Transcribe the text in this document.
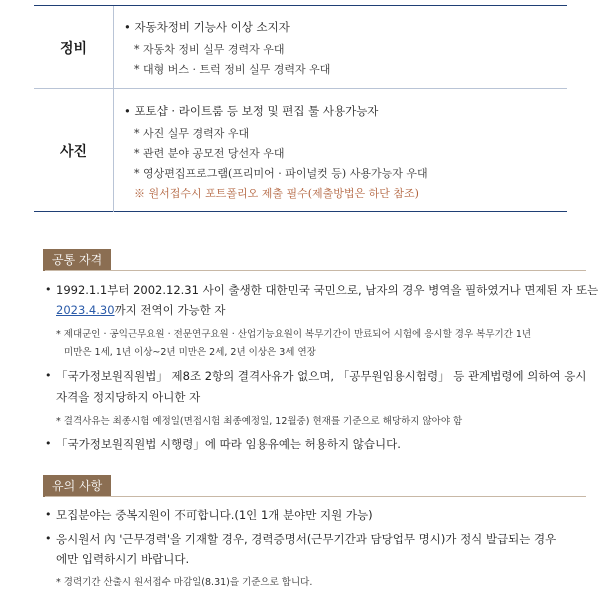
정비
• 자동차정비 기능사 이상 소지자
* 자동차 정비 실무 경력자 우대
* 대형 버스 · 트럭 정비 실무 경력자 우대
사진
• 포토샵 · 라이트룸 등 보정 및 편집 툴 사용가능자
* 사진 실무 경력자 우대
* 관련 분야 공모전 당선자 우대
* 영상편집프로그램(프리미어 · 파이널컷 등) 사용가능자 우대
※ 원서접수시 포트폴리오 제출 필수(제출방법은 하단 참조)
공통 자격
• 1992.1.1부터 2002.12.31 사이 출생한 대한민국 국민으로, 남자의 경우 병역을 필하였거나 면제된 자 또는
2023.4.30까지 전역이 가능한 자
* 제대군인 · 공익근무요원 · 전문연구요원 · 산업기능요원이 복무기간이 만료되어 시험에 응시할 경우 복무기간 1년
미만은 1세, 1년 이상~2년 미만은 2세, 2년 이상은 3세 연장
• 「국가정보원직원법」 제8조 2항의 결격사유가 없으며, 「공무원임용시험령」 등 관계법령에 의하여 응시
자격을 정지당하지 아니한 자
* 결격사유는 최종시험 예정일(면접시험 최종예정일, 12월중) 현재를 기준으로 해당하지 않아야 함
• 「국가정보원직원법 시행령」에 따라 임용유예는 허용하지 않습니다.
유의 사항
• 모집분야는 중복지원이 不可합니다.(1인 1개 분야만 지원 가능)
• 응시원서 內 '근무경력'을 기재할 경우, 경력증명서(근무기간과 담당업무 명시)가 정식 발급되는 경우
에만 입력하시기 바랍니다.
* 경력기간 산출시 원서접수 마감일(8.31)을 기준으로 합니다.
